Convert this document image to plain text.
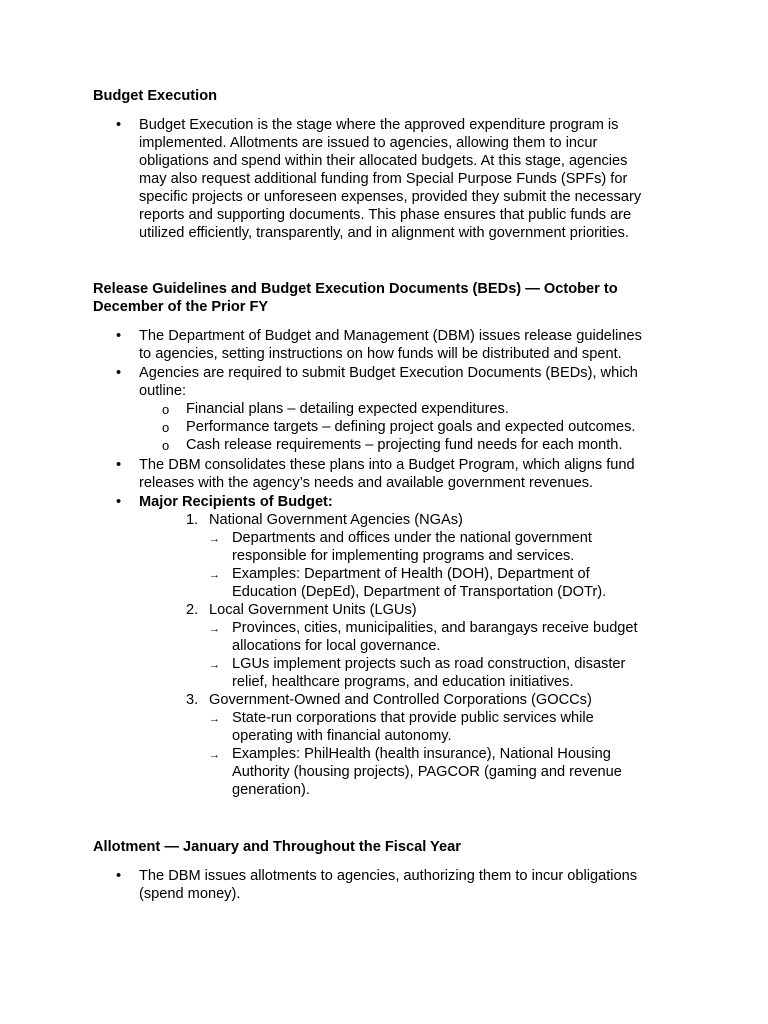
Budget Execution
• Budget Execution is the stage where the approved expenditure program is
implemented. Allotments are issued to agencies, allowing them to incur
obligations and spend within their allocated budgets. At this stage, agencies
may also request additional funding from Special Purpose Funds (SPFs) for
specific projects or unforeseen expenses, provided they submit the necessary
reports and supporting documents. This phase ensures that public funds are
utilized efficiently, transparently, and in alignment with government priorities.
Release Guidelines and Budget Execution Documents (BEDs) — October to
December of the Prior FY
• The Department of Budget and Management (DBM) issues release guidelines
to agencies, setting instructions on how funds will be distributed and spent.
• Agencies are required to submit Budget Execution Documents (BEDs), which
outline:
o Financial plans – detailing expected expenditures.
o Performance targets – defining project goals and expected outcomes.
o Cash release requirements – projecting fund needs for each month.
• The DBM consolidates these plans into a Budget Program, which aligns fund
releases with the agency’s needs and available government revenues.
• Major Recipients of Budget:
1. National Government Agencies (NGAs)
→ Departments and offices under the national government
responsible for implementing programs and services.
→ Examples: Department of Health (DOH), Department of
Education (DepEd), Department of Transportation (DOTr).
2. Local Government Units (LGUs)
→ Provinces, cities, municipalities, and barangays receive budget
allocations for local governance.
→ LGUs implement projects such as road construction, disaster
relief, healthcare programs, and education initiatives.
3. Government-Owned and Controlled Corporations (GOCCs)
→ State-run corporations that provide public services while
operating with financial autonomy.
→ Examples: PhilHealth (health insurance), National Housing
Authority (housing projects), PAGCOR (gaming and revenue
generation).
Allotment — January and Throughout the Fiscal Year
• The DBM issues allotments to agencies, authorizing them to incur obligations
(spend money).
